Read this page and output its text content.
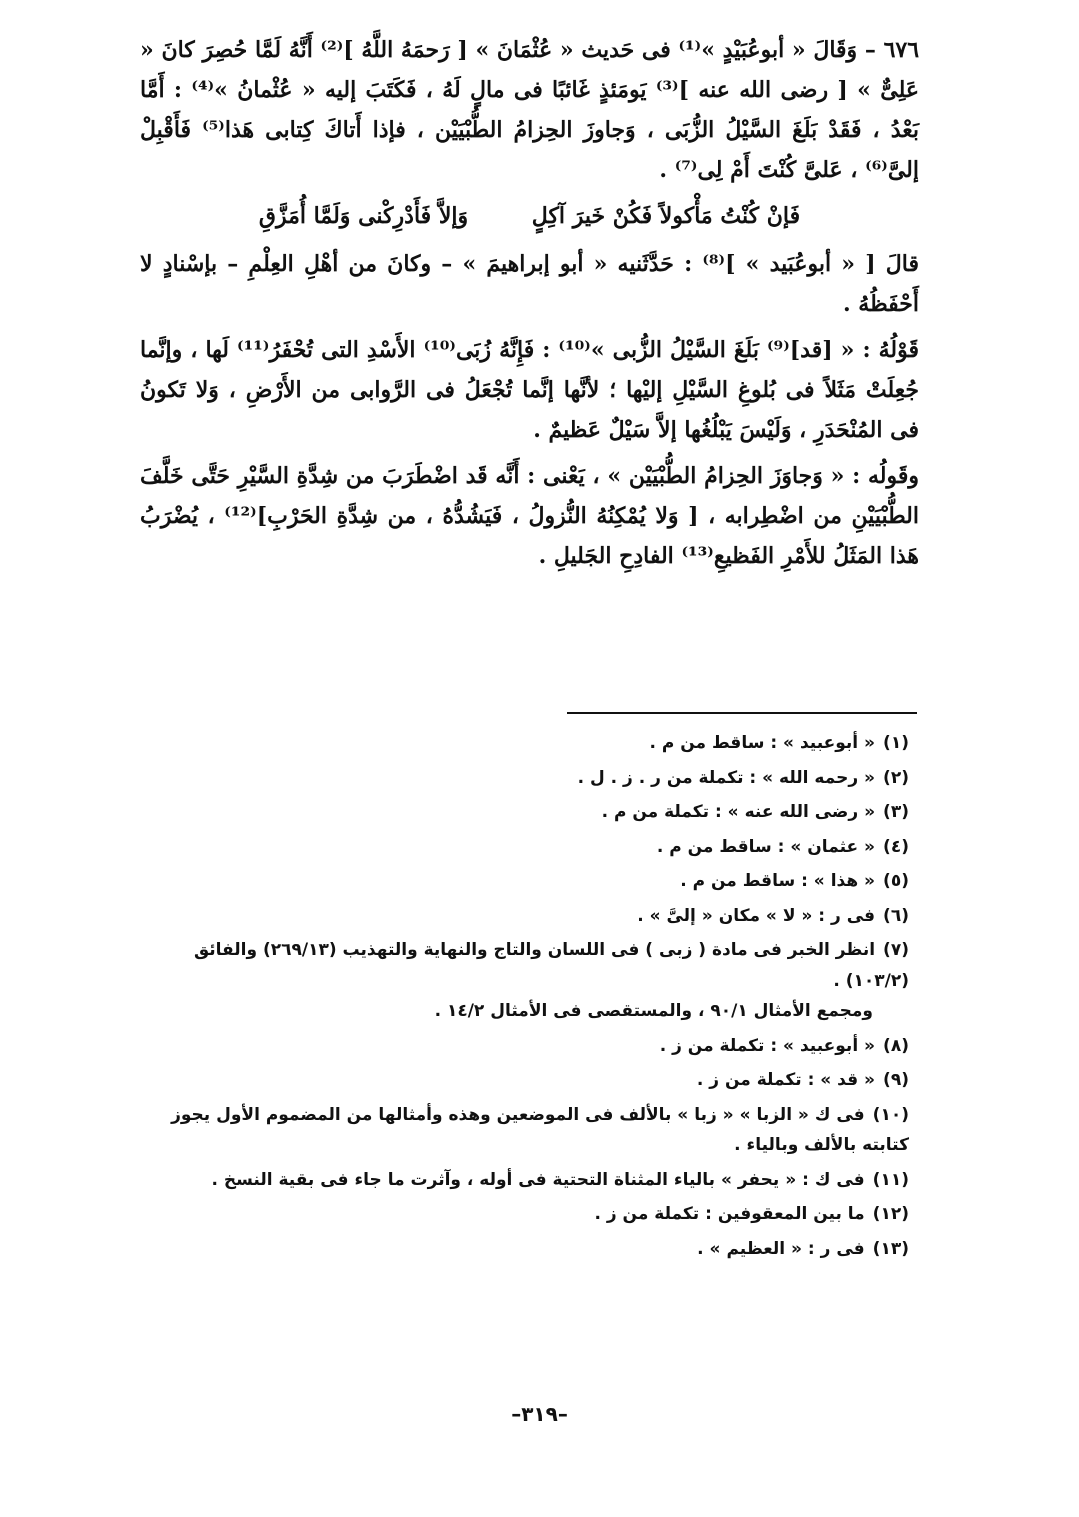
٦٧٦ – وَقَالَ « أبوعُبَيْدٍ »⁽¹⁾ فى حَديث « عُثْمَانَ » [ رَحمَهُ اللَّهُ ]⁽²⁾ أَنَّهُ لَمَّا حُصِرَ كانَ « عَلِىٌّ » [ رضى الله عنه ]⁽³⁾ يَومَئذٍ غَائبًا فى مالٍ لَهُ ، فَكَتَبَ إليه « عُثْمانُ »⁽⁴⁾ : أَمَّا بَعْدُ ، فَقَدْ بَلَغَ السَّيْلُ الزُّبَى ، وَجاوزَ الحِزامُ الطُّبْيَيْن ، فإذا أَتاكَ كِتابى هَذا⁽⁵⁾ فَأَقْبِلْ إلىَّ⁽⁶⁾ ، عَلىَّ كُنْتَ أَمْ لِى⁽⁷⁾ .

فَإنْ كُنْتُ مَأْكولاً فَكُنْ خَيرَ آكِلٍ وَإلاَّ فَأَدْرِكْنى وَلَمَّا أُمَزَّقِ

قالَ [ « أبوعُبَيد » ]⁽⁸⁾ : حَدَّثَنيه « أبو إبراهيمَ » – وكانَ من أهْلِ العِلْمِ – بإسْنادٍ لا أَحْفَظُهُ .

قَوْلُهُ : « [قد]⁽⁹⁾ بَلَغَ السَّيْلُ الزُّبى »⁽¹⁰⁾ : فَإِنَّهُ زُبَى⁽¹⁰⁾ الأَسْدِ التى تُحْفَرُ⁽¹¹⁾ لَها ، وإنَّما جُعِلَتْ مَثَلاً فى بُلوغِ السَّيْلِ إليْها ؛ لأنَّها إنَّما تُجْعَلُ فى الرَّوابى من الأَرْضِ ، وَلا تَكونُ فى المُنْحَدَرِ ، وَلَيْسَ يَبْلُغُها إلاَّ سَيْلٌ عَظيمٌ .

وقَولُه : « وَجاوَزَ الحِزامُ الطُّبْيَيْن » ، يَعْنى : أَنَّه قَد اضْطَرَبَ من شِدَّةِ السَّيْرِ حَتَّى خَلَّفَ الطُّبْيَيْنِ من اضْطِرابه ، [ وَلا يُمْكِنُهُ النُّزولُ ، فَيَشُدُّهُ ، من شِدَّةِ الحَرْبِ]⁽¹²⁾ ، يُضْرَبُ هَذا المَثَلُ للأَمْرِ الفَظيعِ⁽¹³⁾ الفادِحِ الجَليلِ .

(١)« أبوعبيد » : ساقط من م .
(٢)« رحمه الله » : تكملة من ر . ز . ل .
(٣)« رضى الله عنه » : تكملة من م .
(٤)« عثمان » : ساقط من م .
(٥)« هذا » : ساقط من م .
(٦)فى ر : « لا » مكان « إلىَّ » .
(٧)انظر الخبر فى مادة ( زبى ) فى اللسان والتاج والنهاية والتهذيب (٢٦٩/١٣) والفائق (١٠٣/٢) .
ومجمع الأمثال ٩٠/١ ، والمستقصى فى الأمثال ١٤/٢ .
(٨)« أبوعبيد » : تكملة من ز .
(٩)« قد » : تكملة من ز .
(١٠)فى ك « الزبا » « زبا » بالألف فى الموضعين وهذه وأمثالها من المضموم الأول يجوز كتابته بالألف وبالياء .
(١١)فى ك : « يحفر » بالياء المثناة التحتية فى أوله ، وآثرت ما جاء فى بقية النسخ .
(١٢)ما بين المعقوفين : تكملة من ز .
(١٣)فى ر : « العظيم » .
–٣١٩–
